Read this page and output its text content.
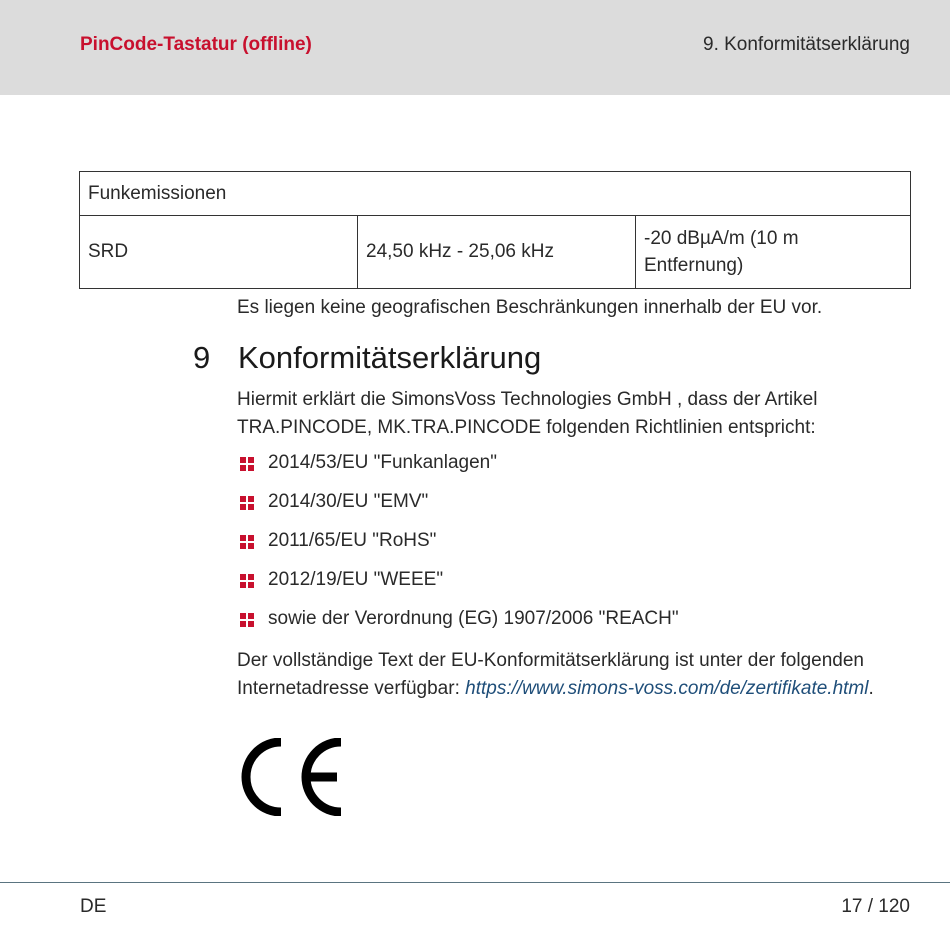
PinCode-Tastatur (offline)	9. Konformitätserklärung
Funkemissionen
SRD	24,50 kHz - 25,06 kHz	-20 dBµA/m (10 m Entfernung)
Es liegen keine geografischen Beschränkungen innerhalb der EU vor.
9 Konformitätserklärung

Hiermit erklärt die SimonsVoss Technologies GmbH , dass der Artikel TRA.PINCODE, MK.TRA.PINCODE folgenden Richtlinien entspricht:

2014/53/EU "Funkanlagen"
2014/30/EU "EMV"
2011/65/EU "RoHS"
2012/19/EU "WEEE"
sowie der Verordnung (EG) 1907/2006 "REACH"

Der vollständige Text der EU-Konformitätserklärung ist unter der folgenden Internetadresse verfügbar: https://www.simons-voss.com/de/zertifikate.html.

DE	17 / 120
